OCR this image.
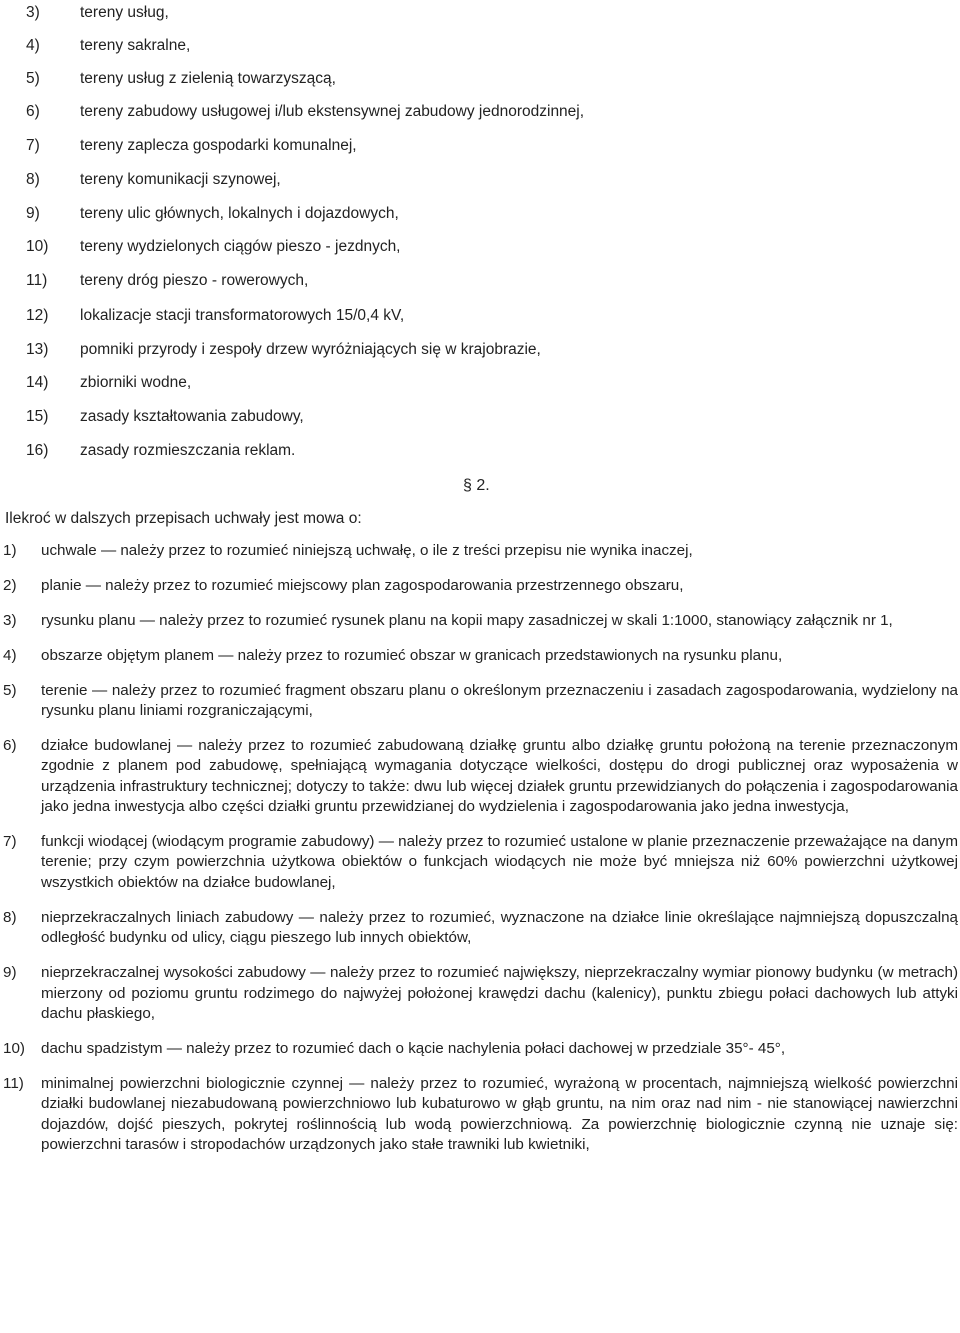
3)	tereny usług,
4)	tereny sakralne,
5)	tereny usług z zielenią towarzyszącą,
6)	tereny zabudowy usługowej i/lub ekstensywnej zabudowy jednorodzinnej,
7)	tereny zaplecza gospodarki komunalnej,
8)	tereny komunikacji szynowej,
9)	tereny ulic głównych, lokalnych i dojazdowych,
10) tereny wydzielonych ciągów pieszo - jezdnych,
11) tereny dróg pieszo - rowerowych,
12) lokalizacje stacji transformatorowych 15/0,4 kV,
13) pomniki przyrody i zespoły drzew wyróżniających się w krajobrazie,
14) zbiorniki wodne,
15) zasady kształtowania zabudowy,
16) zasady rozmieszczania reklam.
§ 2.
Ilekroć w dalszych przepisach uchwały jest mowa o:
1)	uchwale — należy przez to rozumieć niniejszą uchwałę, o ile z treści przepisu nie wynika inaczej,
2)	planie — należy przez to rozumieć miejscowy plan zagospodarowania przestrzennego obszaru,
3)	rysunku planu — należy przez to rozumieć rysunek planu na kopii mapy zasadniczej w skali 1:1000, stanowiący załącznik nr 1,
4)	obszarze objętym planem — należy przez to rozumieć obszar w granicach przedstawionych na rysunku planu,
5)	terenie — należy przez to rozumieć fragment obszaru planu o określonym przeznaczeniu i zasadach zagospodarowania, wydzielony na rysunku planu liniami rozgraniczającymi,
6)	działce budowlanej — należy przez to rozumieć zabudowaną działkę gruntu albo działkę gruntu położoną na terenie przeznaczonym zgodnie z planem pod zabudowę, spełniającą wymagania dotyczące wielkości, dostępu do drogi publicznej oraz wyposażenia w urządzenia infrastruktury technicznej; dotyczy to także: dwu lub więcej działek gruntu przewidzianych do połączenia i zagospodarowania jako jedna inwestycja albo części działki gruntu przewidzianej do wydzielenia i zagospodarowania jako jedna inwestycja,
7)	funkcji wiodącej (wiodącym programie zabudowy) — należy przez to rozumieć ustalone w planie przeznaczenie przeważające na danym terenie; przy czym powierzchnia użytkowa obiektów o funkcjach wiodących nie może być mniejsza niż 60% powierzchni użytkowej wszystkich obiektów na działce budowlanej,
8)	nieprzekraczalnych liniach zabudowy — należy przez to rozumieć, wyznaczone na działce linie określające najmniejszą dopuszczalną odległość budynku od ulicy, ciągu pieszego lub innych obiektów,
9)	nieprzekraczalnej wysokości zabudowy — należy przez to rozumieć największy, nieprzekraczalny wymiar pionowy budynku (w metrach) mierzony od poziomu gruntu rodzimego do najwyżej położonej krawędzi dachu (kalenicy), punktu zbiegu połaci dachowych lub attyki dachu płaskiego,
10)	dachu spadzistym — należy przez to rozumieć dach o kącie nachylenia połaci dachowej w przedziale 35°- 45°,
11)	minimalnej powierzchni biologicznie czynnej — należy przez to rozumieć, wyrażoną w procentach, najmniejszą wielkość powierzchni działki budowlanej niezabudowaną powierzchniowo lub kubaturowo w głąb gruntu, na nim oraz nad nim - nie stanowiącej nawierzchni dojazdów, dojść pieszych, pokrytej roślinnością lub wodą powierzchniową. Za powierzchnię biologicznie czynną nie uznaje się: powierzchni tarasów i stropodachów urządzonych jako stałe trawniki lub kwietniki,
